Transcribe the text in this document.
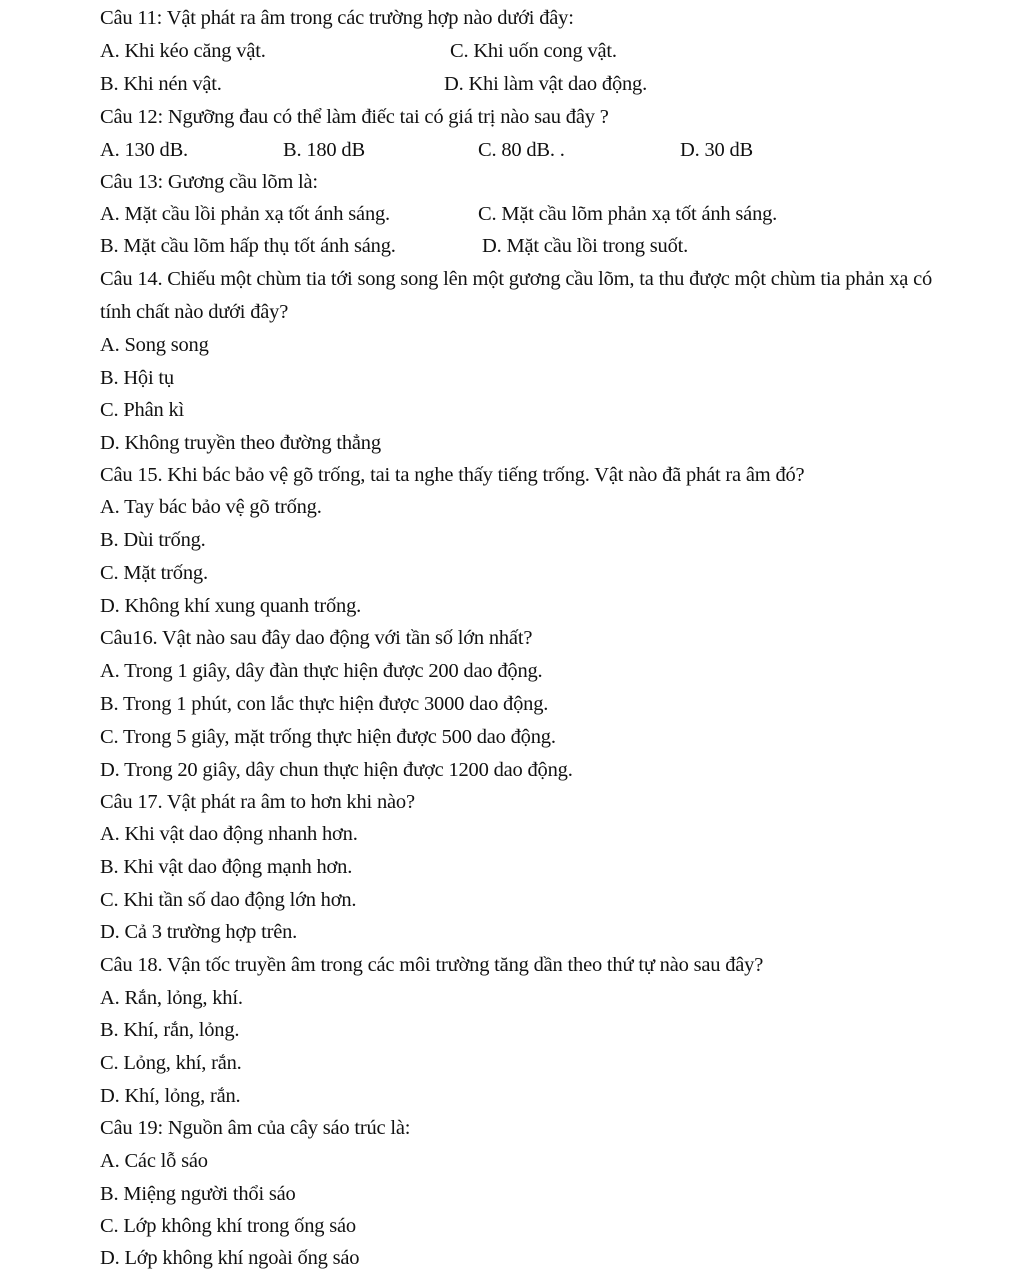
Câu 11: Vật phát ra âm trong các trường hợp nào dưới đây:
A. Khi kéo căng vật.	C. Khi uốn cong vật.
B. Khi nén vật.	D. Khi làm vật dao động.
Câu 12: Ngưỡng đau có thể làm điếc tai có giá trị nào sau đây ?
A. 130 dB.	B. 180 dB	C. 80 dB. .	D. 30 dB
Câu 13: Gương cầu lõm là:
A. Mặt cầu lồi phản xạ tốt ánh sáng.	C. Mặt cầu lõm phản xạ tốt ánh sáng.
B. Mặt cầu lõm hấp thụ tốt ánh sáng.	D. Mặt cầu lồi trong suốt.
Câu 14. Chiếu một chùm tia tới song song lên một gương cầu lõm, ta thu được một chùm tia phản xạ có
tính chất nào dưới đây?
A. Song song
B. Hội tụ
C. Phân kì
D. Không truyền theo đường thẳng
Câu 15. Khi bác bảo vệ gõ trống, tai ta nghe thấy tiếng trống. Vật nào đã phát ra âm đó?
A. Tay bác bảo vệ gõ trống.
B. Dùi trống.
C. Mặt trống.
D. Không khí xung quanh trống.
Câu16. Vật nào sau đây dao động với tần số lớn nhất?
A. Trong 1 giây, dây đàn thực hiện được 200 dao động.
B. Trong 1 phút, con lắc thực hiện được 3000 dao động.
C. Trong 5 giây, mặt trống thực hiện được 500 dao động.
D. Trong 20 giây, dây chun thực hiện được 1200 dao động.
Câu 17. Vật phát ra âm to hơn khi nào?
A. Khi vật dao động nhanh hơn.
B. Khi vật dao động mạnh hơn.
C. Khi tần số dao động lớn hơn.
D. Cả 3 trường hợp trên.
Câu 18. Vận tốc truyền âm trong các môi trường tăng dần theo thứ tự nào sau đây?
A. Rắn, lỏng, khí.
B. Khí, rắn, lỏng.
C. Lỏng, khí, rắn.
D. Khí, lỏng, rắn.
Câu 19: Nguồn âm của cây sáo trúc là:
A. Các lỗ sáo
B. Miệng người thổi sáo
C. Lớp không khí trong ống sáo
D. Lớp không khí ngoài ống sáo
